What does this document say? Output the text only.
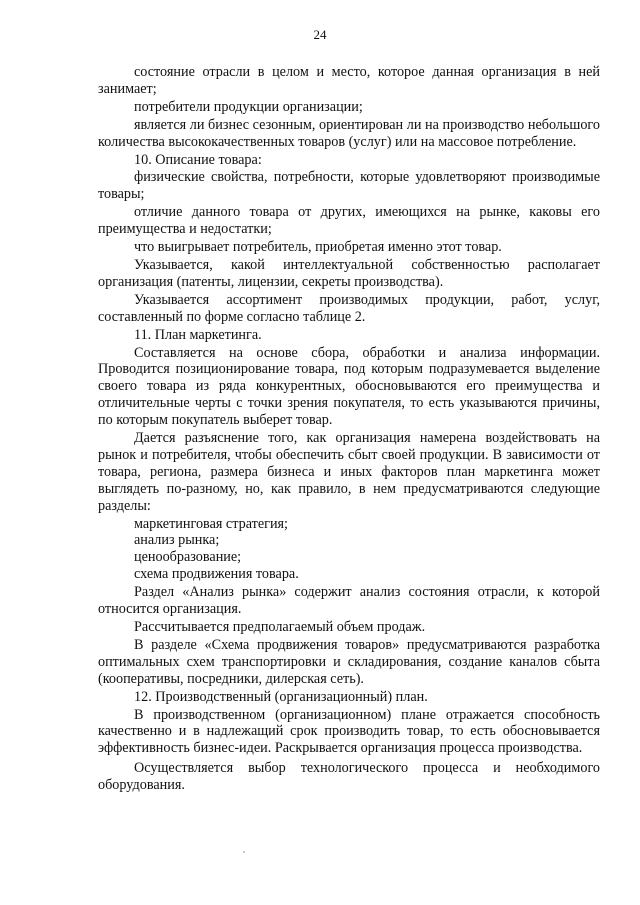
24

состояние отрасли в целом и место, которое данная организация в ней занимает;

потребители продукции организации;

является ли бизнес сезонным, ориентирован ли на производство небольшого количества высококачественных товаров (услуг) или на массовое потребление.

10. Описание товара:

физические свойства, потребности, которые удовлетворяют производимые товары;

отличие данного товара от других, имеющихся на рынке, каковы его преимущества и недостатки;

что выигрывает потребитель, приобретая именно этот товар.

Указывается, какой интеллектуальной собственностью располагает организация (патенты, лицензии, секреты производства).

Указывается ассортимент производимых продукции, работ, услуг, составленный по форме согласно таблице 2.

11. План маркетинга.

Составляется на основе сбора, обработки и анализа информации. Проводится позиционирование товара, под которым подразумевается выделение своего товара из ряда конкурентных, обосновываются его преимущества и отличительные черты с точки зрения покупателя, то есть указываются причины, по которым покупатель выберет товар.

Дается разъяснение того, как организация намерена воздействовать на рынок и потребителя, чтобы обеспечить сбыт своей продукции. В зависимости от товара, региона, размера бизнеса и иных факторов план маркетинга может выглядеть по-разному, но, как правило, в нем предусматриваются следующие разделы:

маркетинговая стратегия;

анализ рынка;

ценообразование;

схема продвижения товара.

Раздел «Анализ рынка» содержит анализ состояния отрасли, к которой относится организация.

Рассчитывается предполагаемый объем продаж.

В разделе «Схема продвижения товаров» предусматриваются разработка оптимальных схем транспортировки и складирования, создание каналов сбыта (кооперативы, посредники, дилерская сеть).

12. Производственный (организационный) план.

В производственном (организационном) плане отражается способность качественно и в надлежащий срок производить товар, то есть обосновывается эффективность бизнес-идеи. Раскрывается организация процесса производства.

Осуществляется выбор технологического процесса и необходимого оборудования.
